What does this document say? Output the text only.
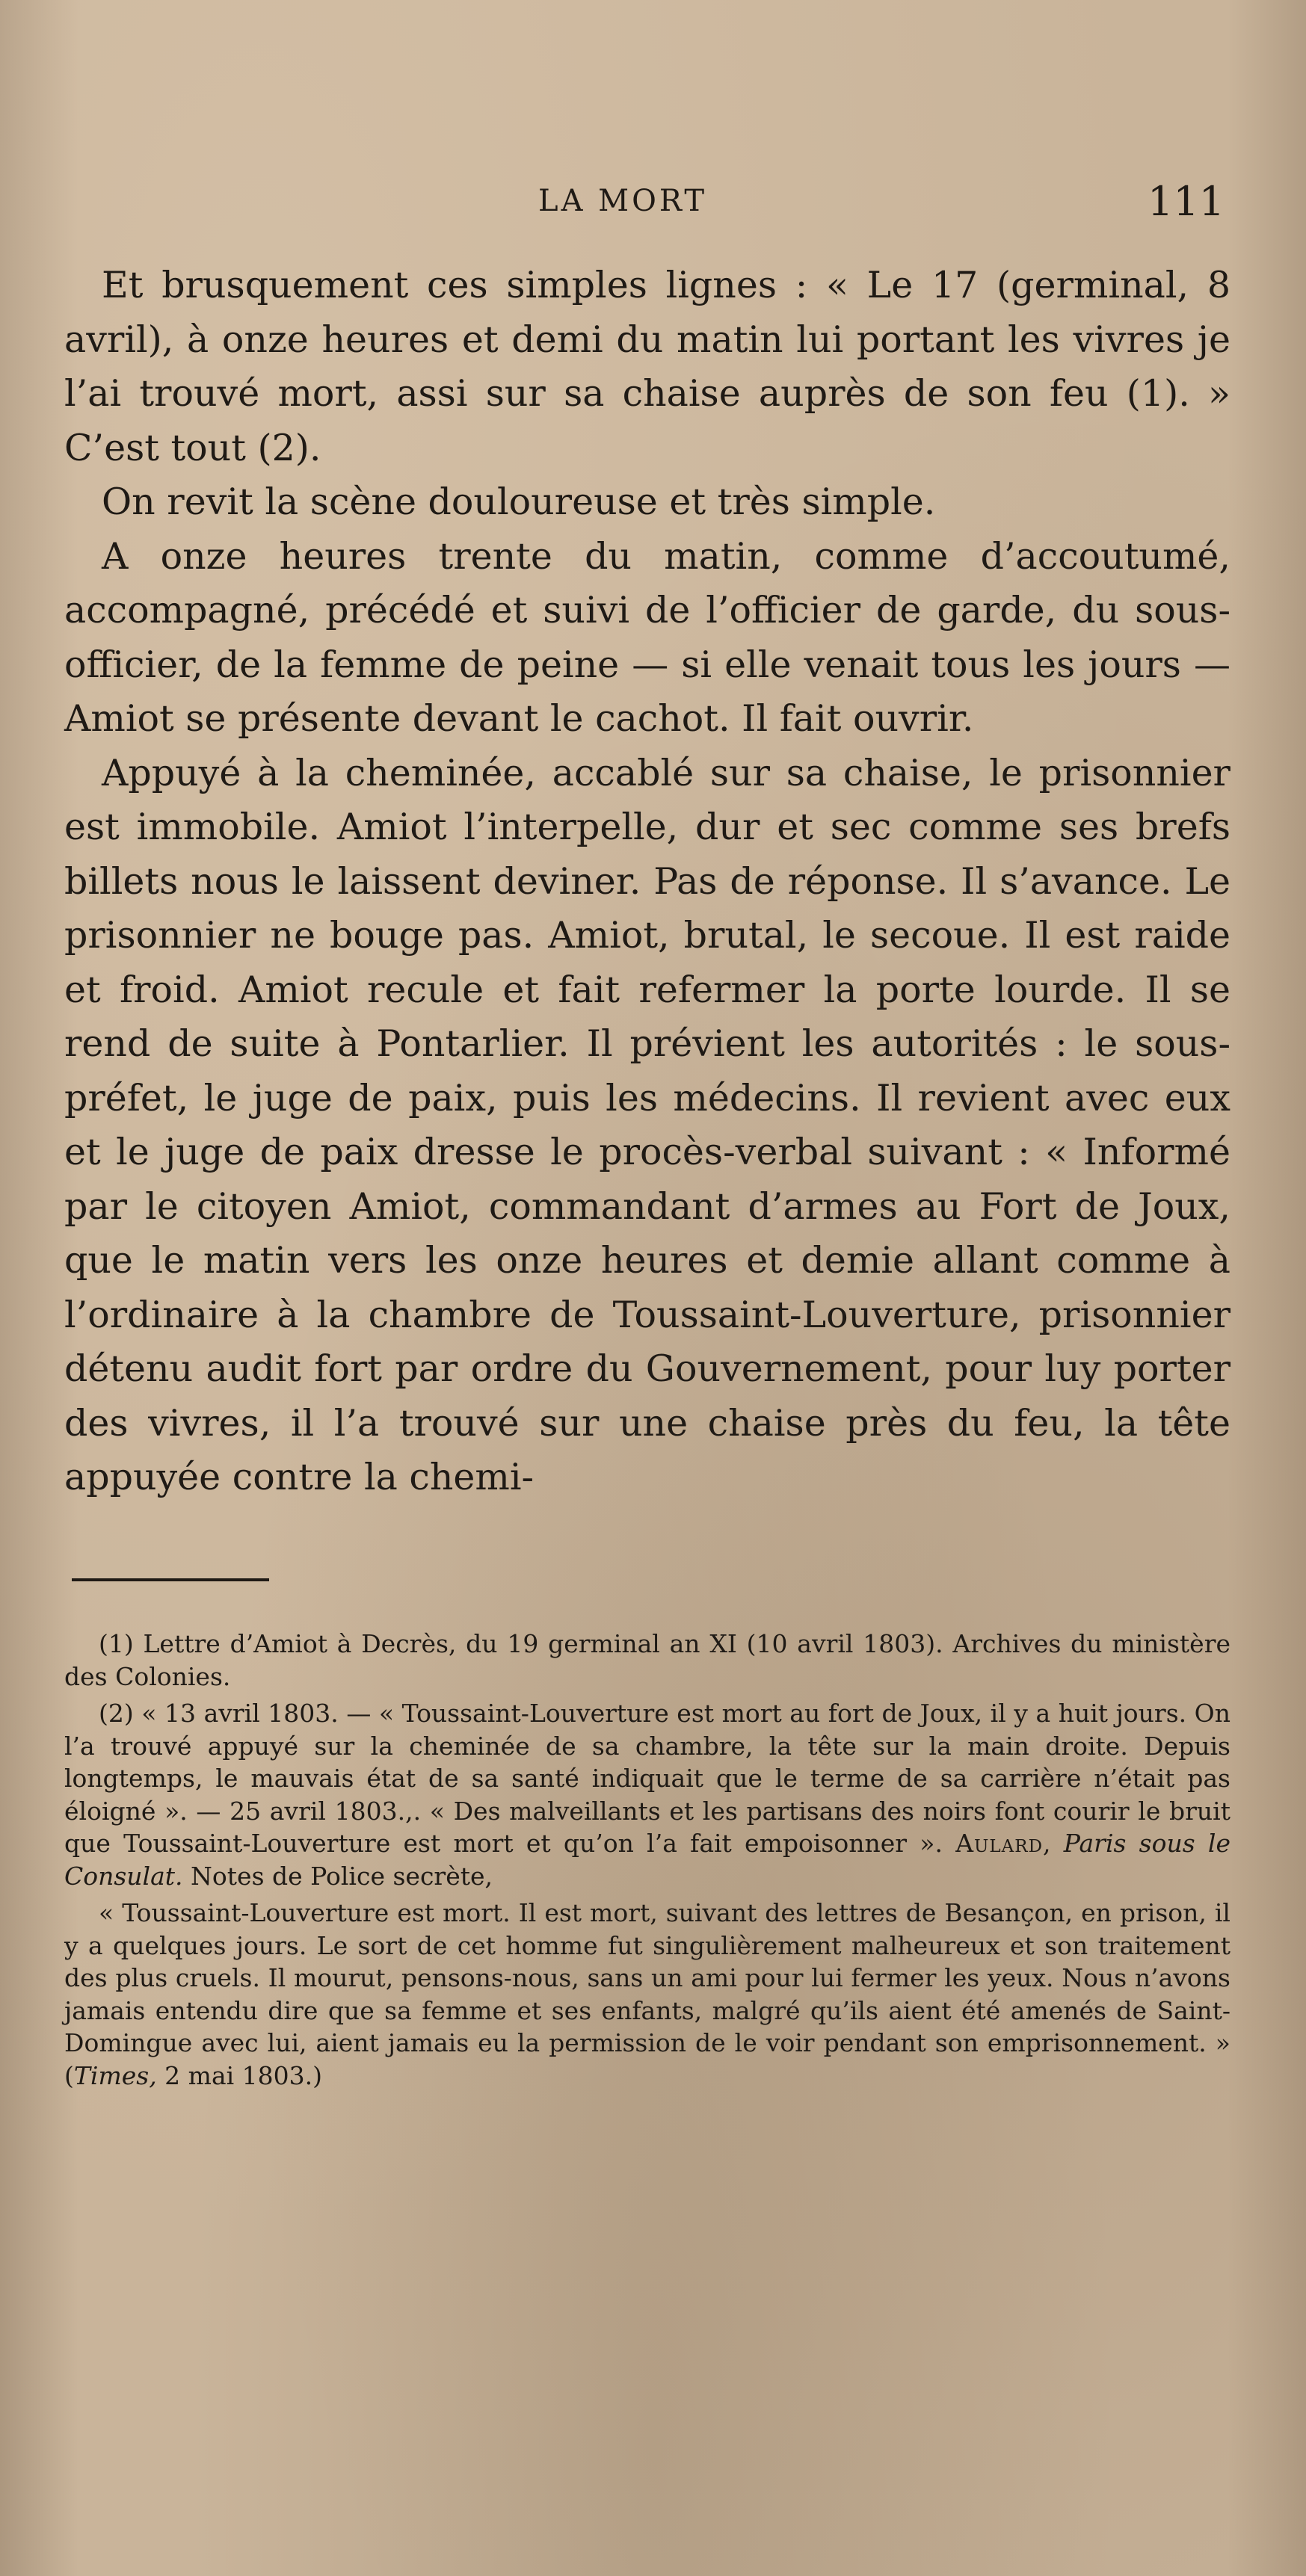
LA MORT	111

Et brusquement ces simples lignes : « Le 17 (germinal, 8 avril), à onze heures et demi du matin lui portant les vivres je l’ai trouvé mort, assi sur sa chaise auprès de son feu (1). » C’est tout (2).

On revit la scène douloureuse et très simple.

A onze heures trente du matin, comme d’accoutumé, accompagné, précédé et suivi de l’officier de garde, du sous-officier, de la femme de peine — si elle venait tous les jours — Amiot se présente devant le cachot. Il fait ouvrir.

Appuyé à la cheminée, accablé sur sa chaise, le prisonnier est immobile. Amiot l’interpelle, dur et sec comme ses brefs billets nous le laissent deviner. Pas de réponse. Il s’avance. Le prisonnier ne bouge pas. Amiot, brutal, le secoue. Il est raide et froid. Amiot recule et fait refermer la porte lourde. Il se rend de suite à Pontarlier. Il prévient les autorités : le sous-préfet, le juge de paix, puis les médecins. Il revient avec eux et le juge de paix dresse le procès-verbal suivant : « Informé par le citoyen Amiot, commandant d’armes au Fort de Joux, que le matin vers les onze heures et demie allant comme à l’ordinaire à la chambre de Toussaint-Louverture, prisonnier détenu audit fort par ordre du Gouvernement, pour luy porter des vivres, il l’a trouvé sur une chaise près du feu, la tête appuyée contre la chemi-

(1) Lettre d’Amiot à Decrès, du 19 germinal an XI (10 avril 1803). Archives du ministère des Colonies.

(2) « 13 avril 1803. — « Toussaint-Louverture est mort au fort de Joux, il y a huit jours. On l’a trouvé appuyé sur la cheminée de sa chambre, la tête sur la main droite. Depuis longtemps, le mauvais état de sa santé indiquait que le terme de sa carrière n’était pas éloigné ». — 25 avril 1803.,. « Des malveillants et les partisans des noirs font courir le bruit que Toussaint-Louverture est mort et qu’on l’a fait empoisonner ». Aulard, Paris sous le Consulat. Notes de Police secrète,

« Toussaint-Louverture est mort. Il est mort, suivant des lettres de Besançon, en prison, il y a quelques jours. Le sort de cet homme fut singulièrement malheureux et son traitement des plus cruels. Il mourut, pensons-nous, sans un ami pour lui fermer les yeux. Nous n’avons jamais entendu dire que sa femme et ses enfants, malgré qu’ils aient été amenés de Saint-Domingue avec lui, aient jamais eu la permission de le voir pendant son emprisonnement. » (Times, 2 mai 1803.)
